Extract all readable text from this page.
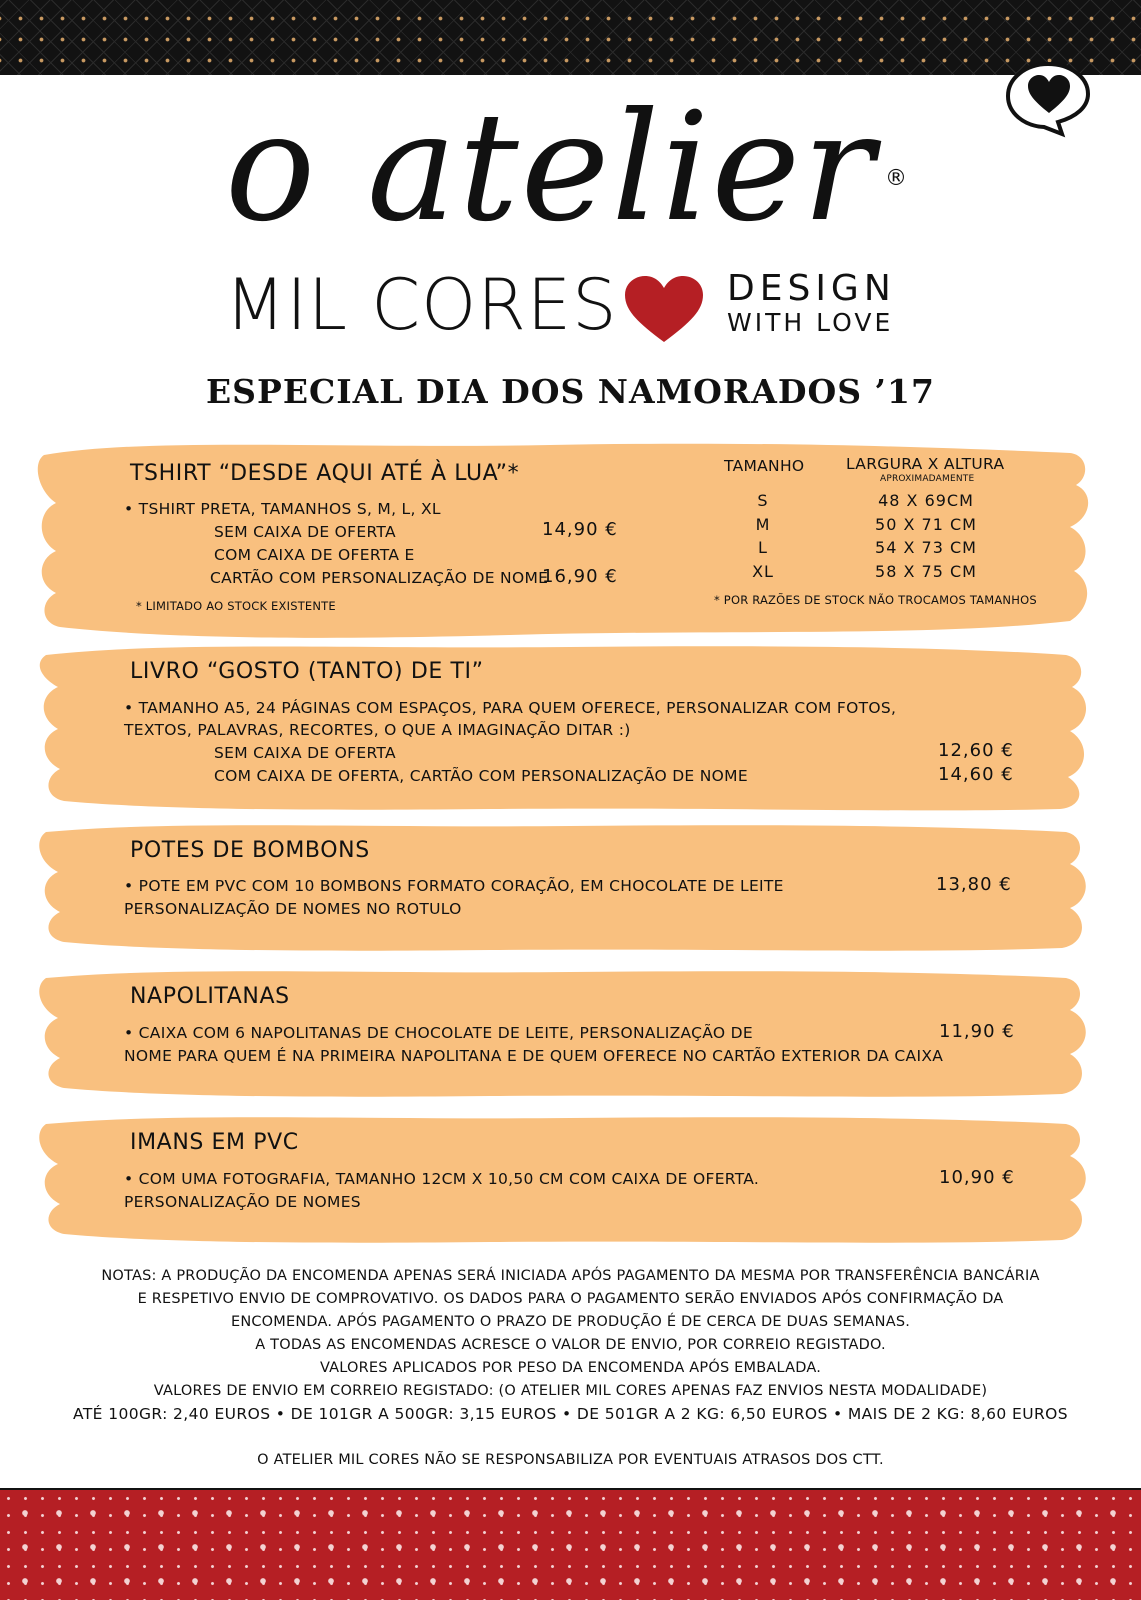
o atelier ®
MIL CORES	DESIGN
WITH LOVE
ESPECIAL DIA DOS NAMORADOS ’17
TSHIRT “DESDE AQUI ATÉ À LUA”*
• TSHIRT PRETA, TAMANHOS S, M, L, XL
SEM CAIXA DE OFERTA	14,90 €
COM CAIXA DE OFERTA E
CARTÃO COM PERSONALIZAÇÃO DE NOME
16,90 €
* LIMITADO AO STOCK EXISTENTE
TAMANHO	LARGURA X ALTURA
APROXIMADAMENTE
S	48 X 69CM
M	50 X 71 CM
L	54 X 73 CM
XL	58 X 75 CM
* POR RAZÕES DE STOCK NÃO TROCAMOS TAMANHOS
LIVRO “GOSTO (TANTO) DE TI”
• TAMANHO A5, 24 PÁGINAS COM ESPAÇOS, PARA QUEM OFERECE, PERSONALIZAR COM FOTOS,
TEXTOS, PALAVRAS, RECORTES, O QUE A IMAGINAÇÃO DITAR :)
SEM CAIXA DE OFERTA	12,60 €
COM CAIXA DE OFERTA, CARTÃO COM PERSONALIZAÇÃO DE NOME	14,60 €
POTES DE BOMBONS
• POTE EM PVC COM 10 BOMBONS FORMATO CORAÇÃO, EM CHOCOLATE DE LEITE
PERSONALIZAÇÃO DE NOMES NO ROTULO
13,80 €
NAPOLITANAS
• CAIXA COM 6 NAPOLITANAS DE CHOCOLATE DE LEITE, PERSONALIZAÇÃO DE
NOME PARA QUEM É NA PRIMEIRA NAPOLITANA E DE QUEM OFERECE NO CARTÃO EXTERIOR DA CAIXA
11,90 €
IMANS EM PVC
• COM UMA FOTOGRAFIA, TAMANHO 12CM X 10,50 CM COM CAIXA DE OFERTA.
PERSONALIZAÇÃO DE NOMES
10,90 €
NOTAS: A PRODUÇÃO DA ENCOMENDA APENAS SERÁ INICIADA APÓS PAGAMENTO DA MESMA POR TRANSFERÊNCIA BANCÁRIA
E RESPETIVO ENVIO DE COMPROVATIVO. OS DADOS PARA O PAGAMENTO SERÃO ENVIADOS APÓS CONFIRMAÇÃO DA
ENCOMENDA. APÓS PAGAMENTO O PRAZO DE PRODUÇÃO É DE CERCA DE DUAS SEMANAS.
A TODAS AS ENCOMENDAS ACRESCE O VALOR DE ENVIO, POR CORREIO REGISTADO.
VALORES APLICADOS POR PESO DA ENCOMENDA APÓS EMBALADA.
VALORES DE ENVIO EM CORREIO REGISTADO: (O ATELIER MIL CORES APENAS FAZ ENVIOS NESTA MODALIDADE)
ATÉ 100GR: 2,40 EUROS • DE 101GR A 500GR: 3,15 EUROS • DE 501GR A 2 KG: 6,50 EUROS • MAIS DE 2 KG: 8,60 EUROS
O ATELIER MIL CORES NÃO SE RESPONSABILIZA POR EVENTUAIS ATRASOS DOS CTT.
